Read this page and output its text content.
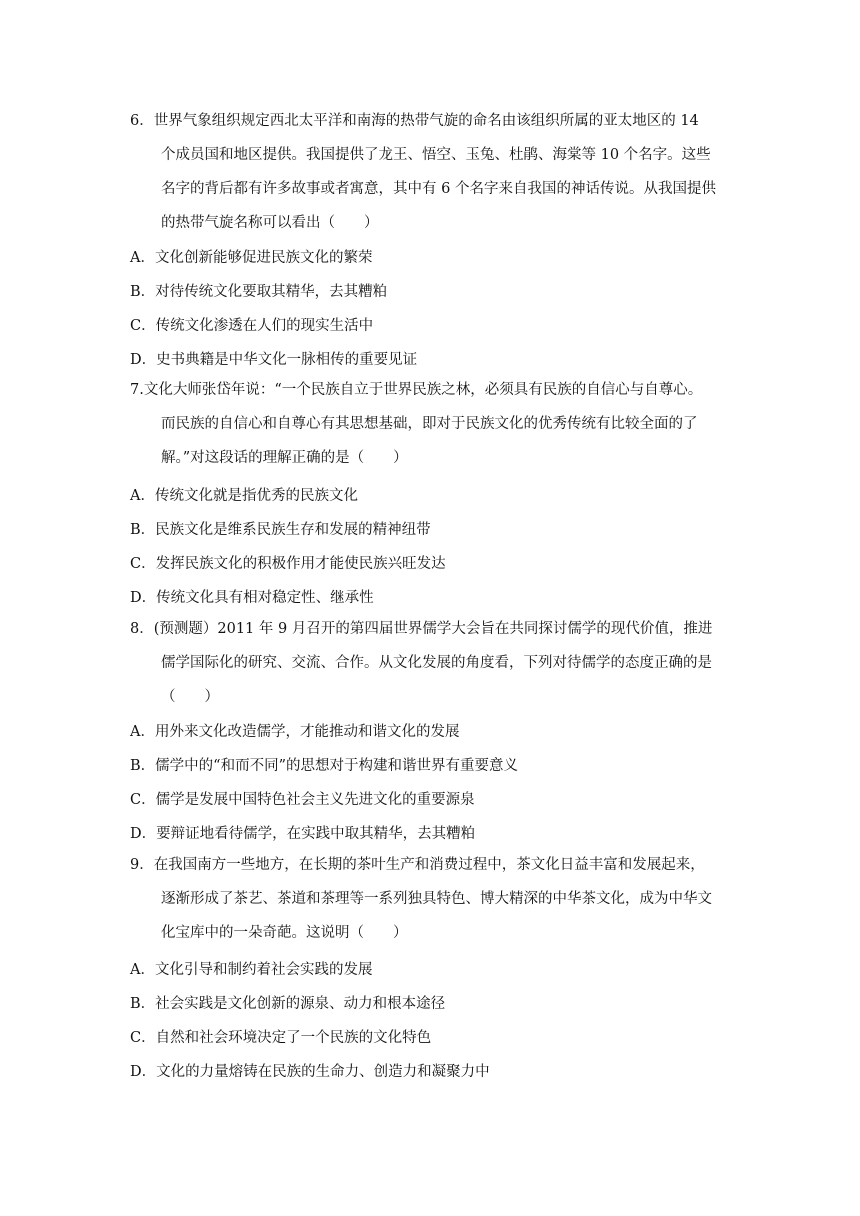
6．世界气象组织规定西北太平洋和南海的热带气旋的命名由该组织所属的亚太地区的 14
个成员国和地区提供。我国提供了龙王、悟空、玉兔、杜鹃、海棠等 10 个名字。这些
名字的背后都有许多故事或者寓意，其中有 6 个名字来自我国的神话传说。从我国提供
的热带气旋名称可以看出（　　）
A．文化创新能够促进民族文化的繁荣
B．对待传统文化要取其精华，去其糟粕
C．传统文化渗透在人们的现实生活中
D．史书典籍是中华文化一脉相传的重要见证
7.文化大师张岱年说：“一个民族自立于世界民族之林，必须具有民族的自信心与自尊心。
而民族的自信心和自尊心有其思想基础，即对于民族文化的优秀传统有比较全面的了
解。”对这段话的理解正确的是（　　）
A．传统文化就是指优秀的民族文化
B．民族文化是维系民族生存和发展的精神纽带
C．发挥民族文化的积极作用才能使民族兴旺发达
D．传统文化具有相对稳定性、继承性
8．(预测题）2011 年 9 月召开的第四届世界儒学大会旨在共同探讨儒学的现代价值，推进
儒学国际化的研究、交流、合作。从文化发展的角度看，下列对待儒学的态度正确的是
（　　）
A．用外来文化改造儒学，才能推动和谐文化的发展
B．儒学中的“和而不同”的思想对于构建和谐世界有重要意义
C．儒学是发展中国特色社会主义先进文化的重要源泉
D．要辩证地看待儒学，在实践中取其精华，去其糟粕
9．在我国南方一些地方，在长期的茶叶生产和消费过程中，茶文化日益丰富和发展起来，
逐渐形成了茶艺、茶道和茶理等一系列独具特色、博大精深的中华茶文化，成为中华文
化宝库中的一朵奇葩。这说明（　　）
A．文化引导和制约着社会实践的发展
B．社会实践是文化创新的源泉、动力和根本途径
C．自然和社会环境决定了一个民族的文化特色
D．文化的力量熔铸在民族的生命力、创造力和凝聚力中
